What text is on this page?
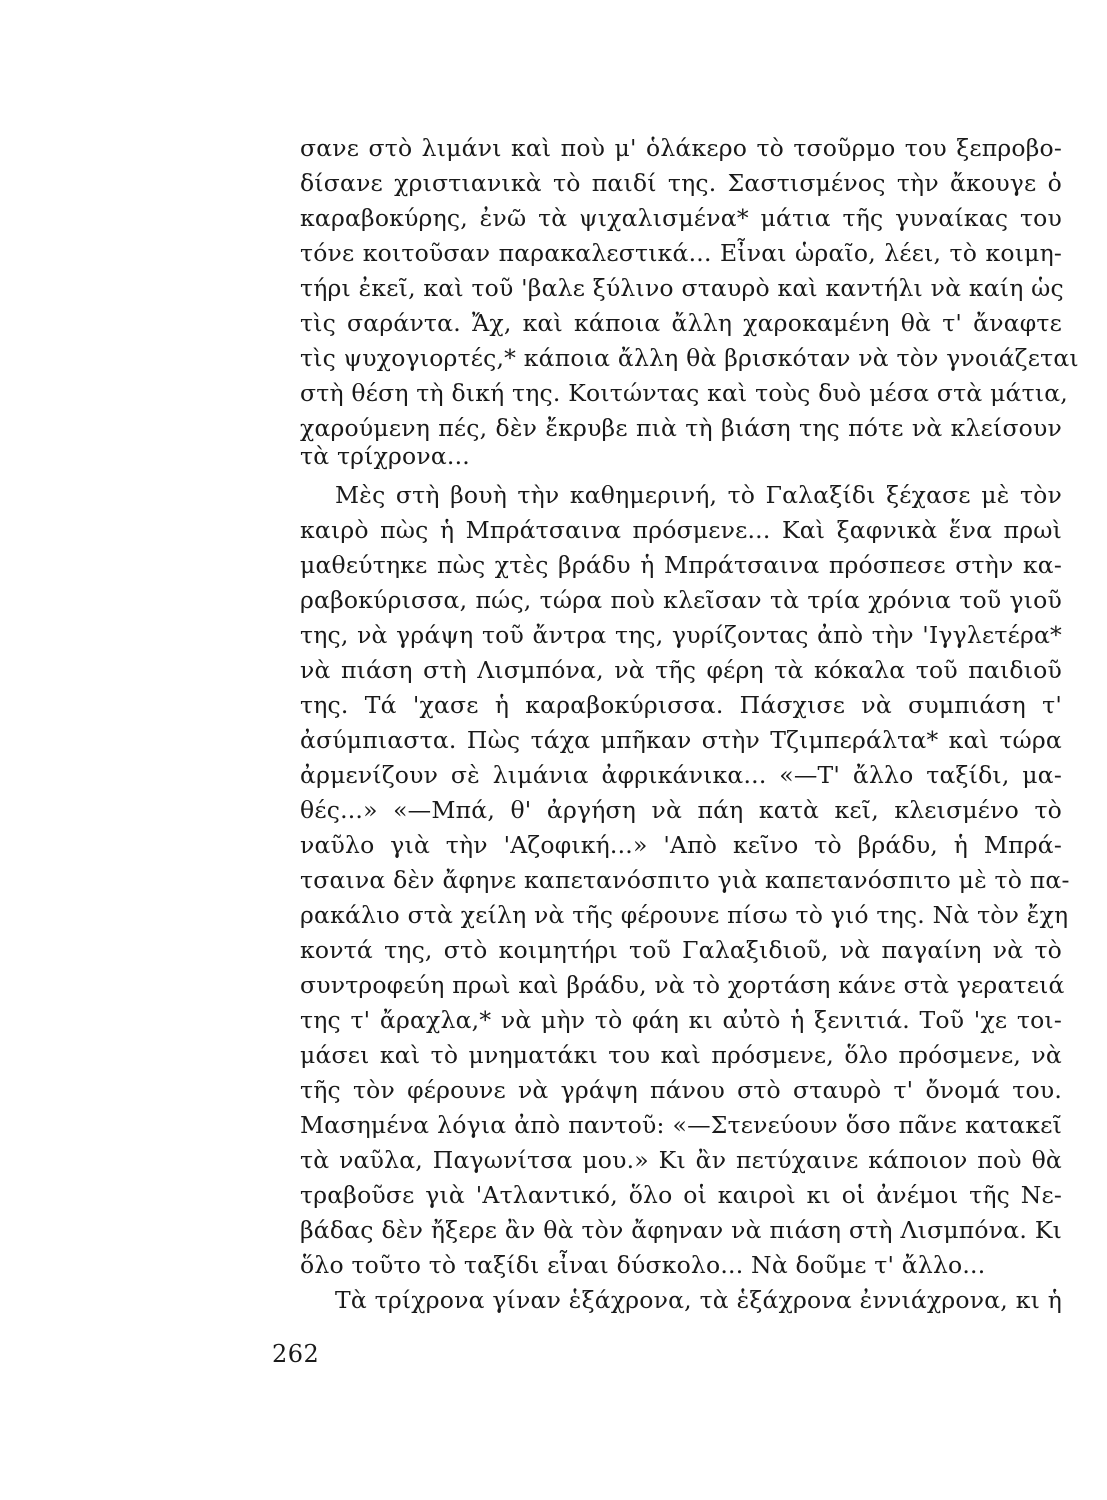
σανε στὸ λιμάνι καὶ ποὺ μ' ὁλάκερο τὸ τσοῦρμο του ξεπροβο-
δίσανε χριστιανικὰ τὸ παιδί της. Σαστισμένος τὴν ἄκουγε ὁ
καραβοκύρης, ἐνῶ τὰ ψιχαλισμένα* μάτια τῆς γυναίκας του
τόνε κοιτοῦσαν παρακαλεστικά... Εἶναι ὡραῖο, λέει, τὸ κοιμη-
τήρι ἐκεῖ, καὶ τοῦ 'βαλε ξύλινο σταυρὸ καὶ καντήλι νὰ καίη ὡς
τὶς σαράντα. Ἄχ, καὶ κάποια ἄλλη χαροκαμένη θὰ τ' ἄναφτε
τὶς ψυχογιορτές,* κάποια ἄλλη θὰ βρισκόταν νὰ τὸν γνοιάζεται
στὴ θέση τὴ δική της. Κοιτώντας καὶ τοὺς δυὸ μέσα στὰ μάτια,
χαρούμενη πές, δὲν ἔκρυβε πιὰ τὴ βιάση της πότε νὰ κλείσουν
τὰ τρίχρονα...
Μὲς στὴ βουὴ τὴν καθημερινή, τὸ Γαλαξίδι ξέχασε μὲ τὸν
καιρὸ πὼς ἡ Μπράτσαινα πρόσμενε... Καὶ ξαφνικὰ ἕνα πρωὶ
μαθεύτηκε πὼς χτὲς βράδυ ἡ Μπράτσαινα πρόσπεσε στὴν κα-
ραβοκύρισσα, πώς, τώρα ποὺ κλεῖσαν τὰ τρία χρόνια τοῦ γιοῦ
της, νὰ γράψη τοῦ ἄντρα της, γυρίζοντας ἀπὸ τὴν 'Ιγγλετέρα*
νὰ πιάση στὴ Λισμπόνα, νὰ τῆς φέρη τὰ κόκαλα τοῦ παιδιοῦ
της. Τά 'χασε ἡ καραβοκύρισσα. Πάσχισε νὰ συμπιάση τ'
ἀσύμπιαστα. Πὼς τάχα μπῆκαν στὴν Τζιμπεράλτα* καὶ τώρα
ἀρμενίζουν σὲ λιμάνια ἀφρικάνικα... «—Τ' ἄλλο ταξίδι, μα-
θές...» «—Μπά, θ' ἀργήση νὰ πάη κατὰ κεῖ, κλεισμένο τὸ
ναῦλο γιὰ τὴν 'Αζοφική...» 'Απὸ κεῖνο τὸ βράδυ, ἡ Μπρά-
τσαινα δὲν ἄφηνε καπετανόσπιτο γιὰ καπετανόσπιτο μὲ τὸ πα-
ρακάλιο στὰ χείλη νὰ τῆς φέρουνε πίσω τὸ γιό της. Νὰ τὸν ἔχη
κοντά της, στὸ κοιμητήρι τοῦ Γαλαξιδιοῦ, νὰ παγαίνη νὰ τὸ
συντροφεύη πρωὶ καὶ βράδυ, νὰ τὸ χορτάση κάνε στὰ γερατειά
της τ' ἄραχλα,* νὰ μὴν τὸ φάη κι αὐτὸ ἡ ξενιτιά. Τοῦ 'χε τοι-
μάσει καὶ τὸ μνηματάκι του καὶ πρόσμενε, ὅλο πρόσμενε, νὰ
τῆς τὸν φέρουνε νὰ γράψη πάνου στὸ σταυρὸ τ' ὄνομά του.
Μασημένα λόγια ἀπὸ παντοῦ: «—Στενεύουν ὅσο πᾶνε κατακεῖ
τὰ ναῦλα, Παγωνίτσα μου.» Κι ἂν πετύχαινε κάποιον ποὺ θὰ
τραβοῦσε γιὰ 'Ατλαντικό, ὅλο οἱ καιροὶ κι οἱ ἀνέμοι τῆς Νε-
βάδας δὲν ἤξερε ἂν θὰ τὸν ἄφηναν νὰ πιάση στὴ Λισμπόνα. Κι
ὅλο τοῦτο τὸ ταξίδι εἶναι δύσκολο... Νὰ δοῦμε τ' ἄλλο...
Τὰ τρίχρονα γίναν ἑξάχρονα, τὰ ἑξάχρονα ἐννιάχρονα, κι ἡ
262
